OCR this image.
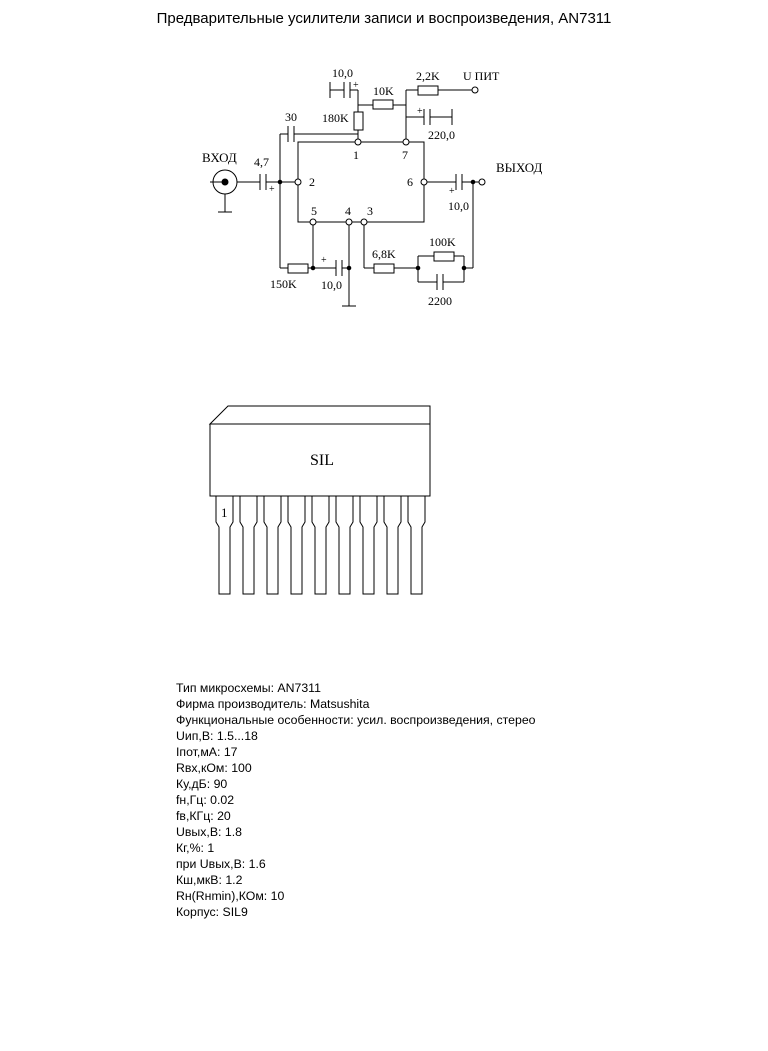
Предварительные усилители записи и воспроизведения, AN7311
10,0
+ 10K
2,2K U ПИТ
30 180K	+
220,0
1	7
ВХОД 4,7
+
2	6
ВЫХОД
+
10,0
5 4 3
100K
6,8K
+
150K 10,0
2200
SIL
1
Тип микросхемы: AN7311
Фирма производитель: Matsushita
Функциональные особенности: усил. воспроизведения, стерео
Uип,В: 1.5...18
Iпот,мА: 17
Rвх,кОм: 100
Ку,дБ: 90
fн,Гц: 0.02
fв,КГц: 20
Uвых,В: 1.8
Кг,%: 1
при Uвых,В: 1.6
Кш,мкВ: 1.2
Rн(Rнmin),КОм: 10
Корпус: SIL9
